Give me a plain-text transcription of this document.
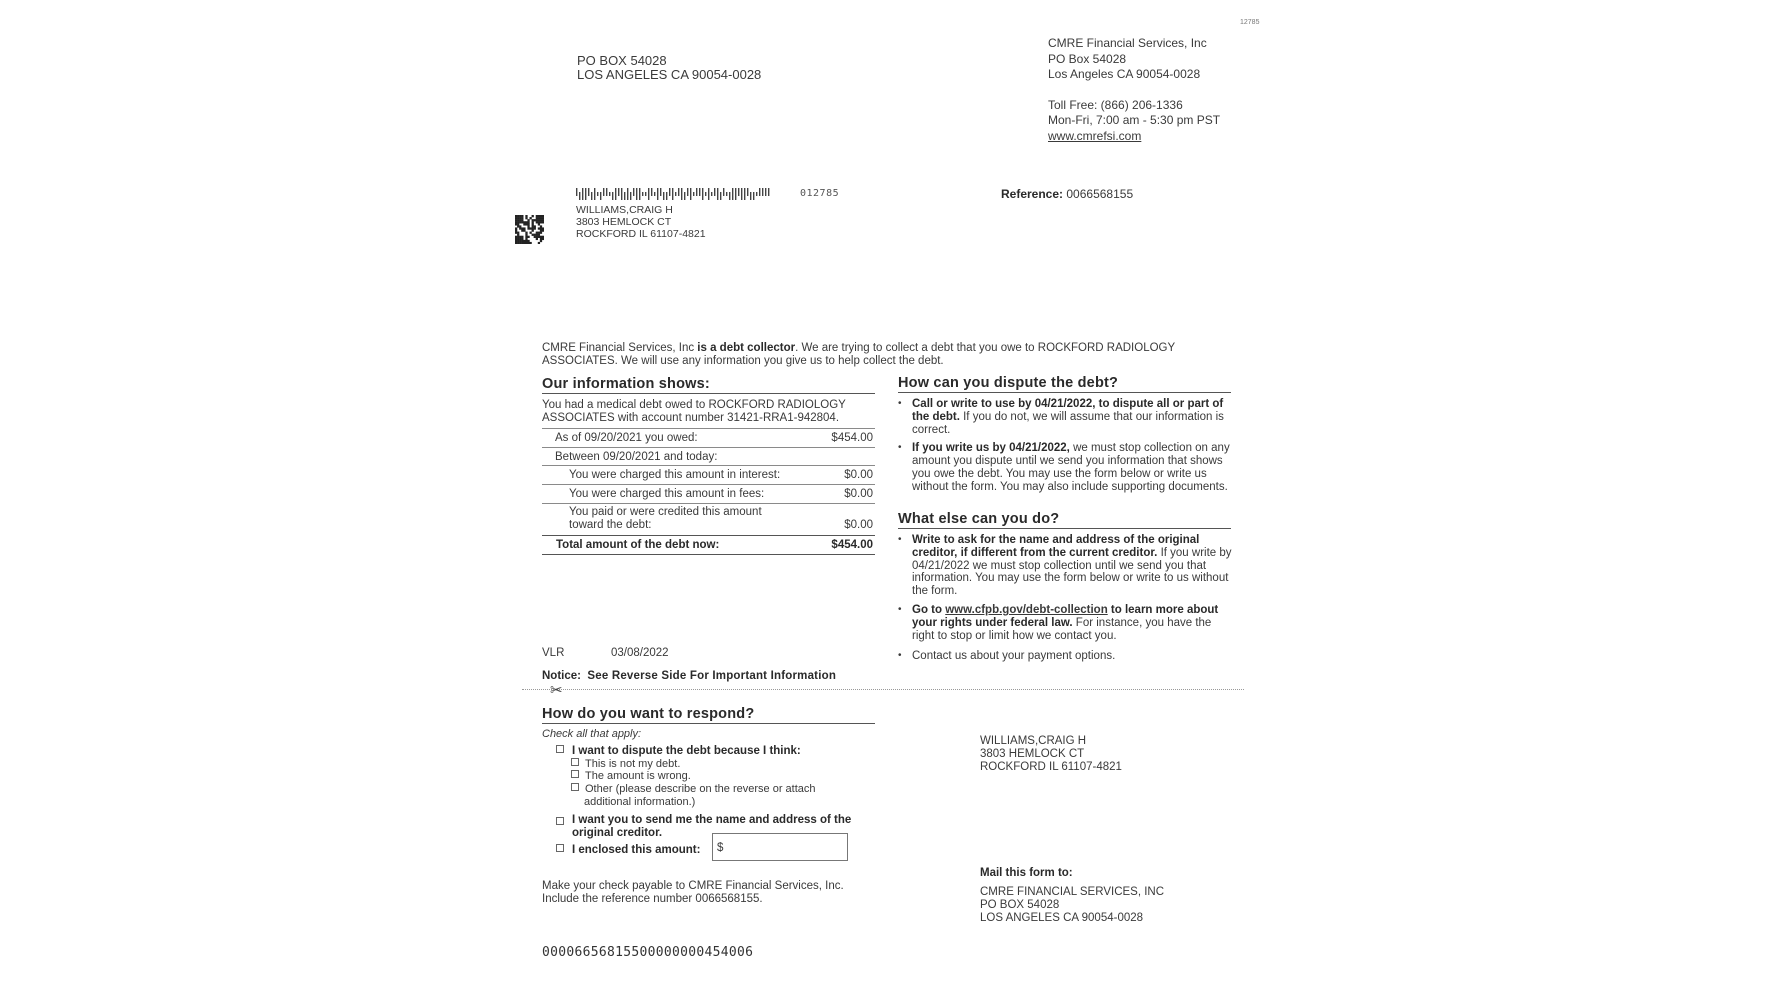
12785
PO BOX 54028
LOS ANGELES CA 90054-0028
CMRE Financial Services, Inc
PO Box 54028
Los Angeles CA 90054-0028
Toll Free: (866) 206-1336
Mon-Fri, 7:00 am - 5:30 pm PST
www.cmrefsi.com
012785	Reference: 0066568155
WILLIAMS,CRAIG H
3803 HEMLOCK CT
ROCKFORD IL 61107-4821
CMRE Financial Services, Inc is a debt collector. We are trying to collect a debt that you owe to ROCKFORD RADIOLOGY ASSOCIATES. We will use any information you give us to help collect the debt.
Our information shows:
You had a medical debt owed to ROCKFORD RADIOLOGY ASSOCIATES with account number 31421-RRA1-942804.
As of 09/20/2021 you owed:	$454.00
Between 09/20/2021 and today:
You were charged this amount in interest:	$0.00
You were charged this amount in fees:	$0.00
You paid or were credited this amount
toward the debt:	$0.00
Total amount of the debt now:	$454.00
How can you dispute the debt?
• Call or write to use by 04/21/2022, to dispute all or part of the debt. If you do not, we will assume that our information is correct.
• If you write us by 04/21/2022, we must stop collection on any amount you dispute until we send you information that shows you owe the debt. You may use the form below or write us without the form. You may also include supporting documents.
What else can you do?
• Write to ask for the name and address of the original creditor, if different from the current creditor. If you write by 04/21/2022 we must stop collection until we send you that information. You may use the form below or write to us without the form.
• Go to www.cfpb.gov/debt-collection to learn more about your rights under federal law. For instance, you have the right to stop or limit how we contact you.
• Contact us about your payment options.
VLR	03/08/2022
Notice: See Reverse Side For Important Information
✂
How do you want to respond?
Check all that apply:
I want to dispute the debt because I think:
This is not my debt.
The amount is wrong.
Other (please describe on the reverse or attach
additional information.)
I want you to send me the name and address of the original creditor.
I enclosed this amount: $
Make your check payable to CMRE Financial Services, Inc.
Include the reference number 0066568155.
WILLIAMS,CRAIG H
3803 HEMLOCK CT
ROCKFORD IL 61107-4821
Mail this form to:
CMRE FINANCIAL SERVICES, INC
PO BOX 54028
LOS ANGELES CA 90054-0028
00006656815500000000454006
